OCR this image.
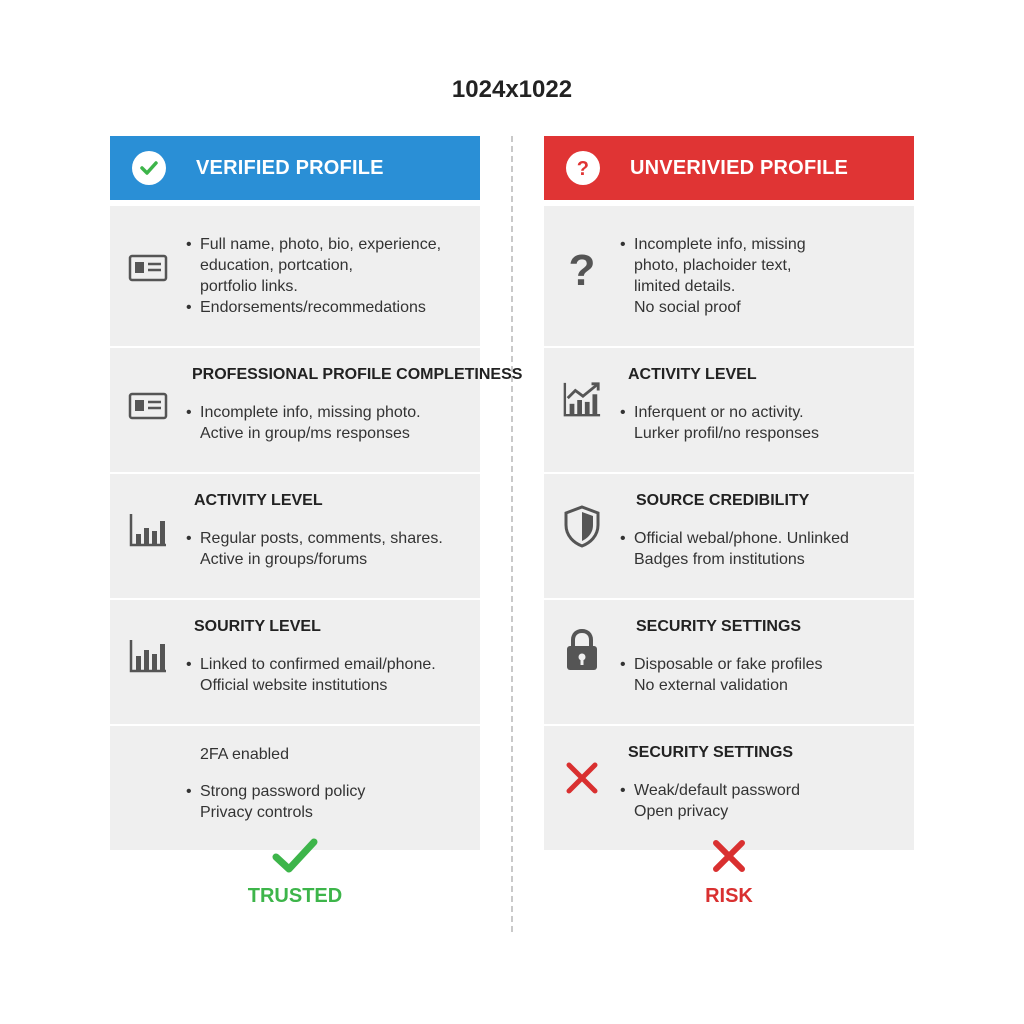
1024x1022
VERIFIED PROFILE
• Full name, photo, bio, experience,
education, portcation,
portfolio links.
• Endorsements/recommedations
PROFESSIONAL PROFILE COMPLETINESS
• Incomplete info, missing photo.
Active in group/ms responses
ACTIVITY LEVEL
• Regular posts, comments, shares.
Active in groups/forums
SOURITY LEVEL
• Linked to confirmed email/phone.
Official website institutions
2FA enabled
• Strong password policy
Privacy controls
TRUSTED
? UNVERIVIED PROFILE
?
• Incomplete info, missing
photo, plachoider text,
limited details.
No social proof
ACTIVITY LEVEL
• Inferquent or no activity.
Lurker profil/no responses
SOURCE CREDIBILITY
• Official webal/phone. Unlinked
Badges from institutions
SECURITY SETTINGS
• Disposable or fake profiles
No external validation
SECURITY SETTINGS
• Weak/default password
Open privacy
RISK
